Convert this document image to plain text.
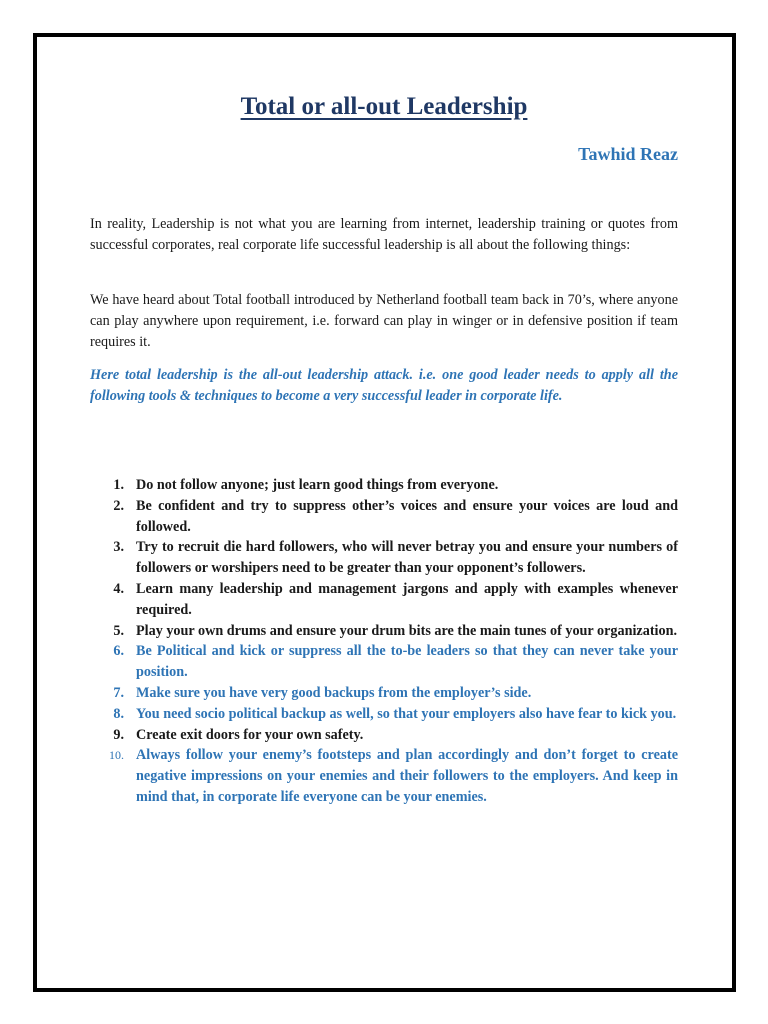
Total or all-out Leadership

Tawhid Reaz

In reality, Leadership is not what you are learning from internet, leadership training or quotes from successful corporates, real corporate life successful leadership is all about the following things:

We have heard about Total football introduced by Netherland football team back in 70’s, where anyone can play anywhere upon requirement, i.e. forward can play in winger or in defensive position if team requires it.

Here total leadership is the all-out leadership attack. i.e. one good leader needs to apply all the following tools & techniques to become a very successful leader in corporate life.

1. Do not follow anyone; just learn good things from everyone.
2. Be confident and try to suppress other’s voices and ensure your voices are loud and followed.
3. Try to recruit die hard followers, who will never betray you and ensure your numbers of followers or worshipers need to be greater than your opponent’s followers.
4. Learn many leadership and management jargons and apply with examples whenever required.
5. Play your own drums and ensure your drum bits are the main tunes of your organization.
6. Be Political and kick or suppress all the to-be leaders so that they can never take your position.
7. Make sure you have very good backups from the employer’s side.
8. You need socio political backup as well, so that your employers also have fear to kick you.
9. Create exit doors for your own safety.
10. Always follow your enemy’s footsteps and plan accordingly and don’t forget to create negative impressions on your enemies and their followers to the employers. And keep in mind that, in corporate life everyone can be your enemies.
